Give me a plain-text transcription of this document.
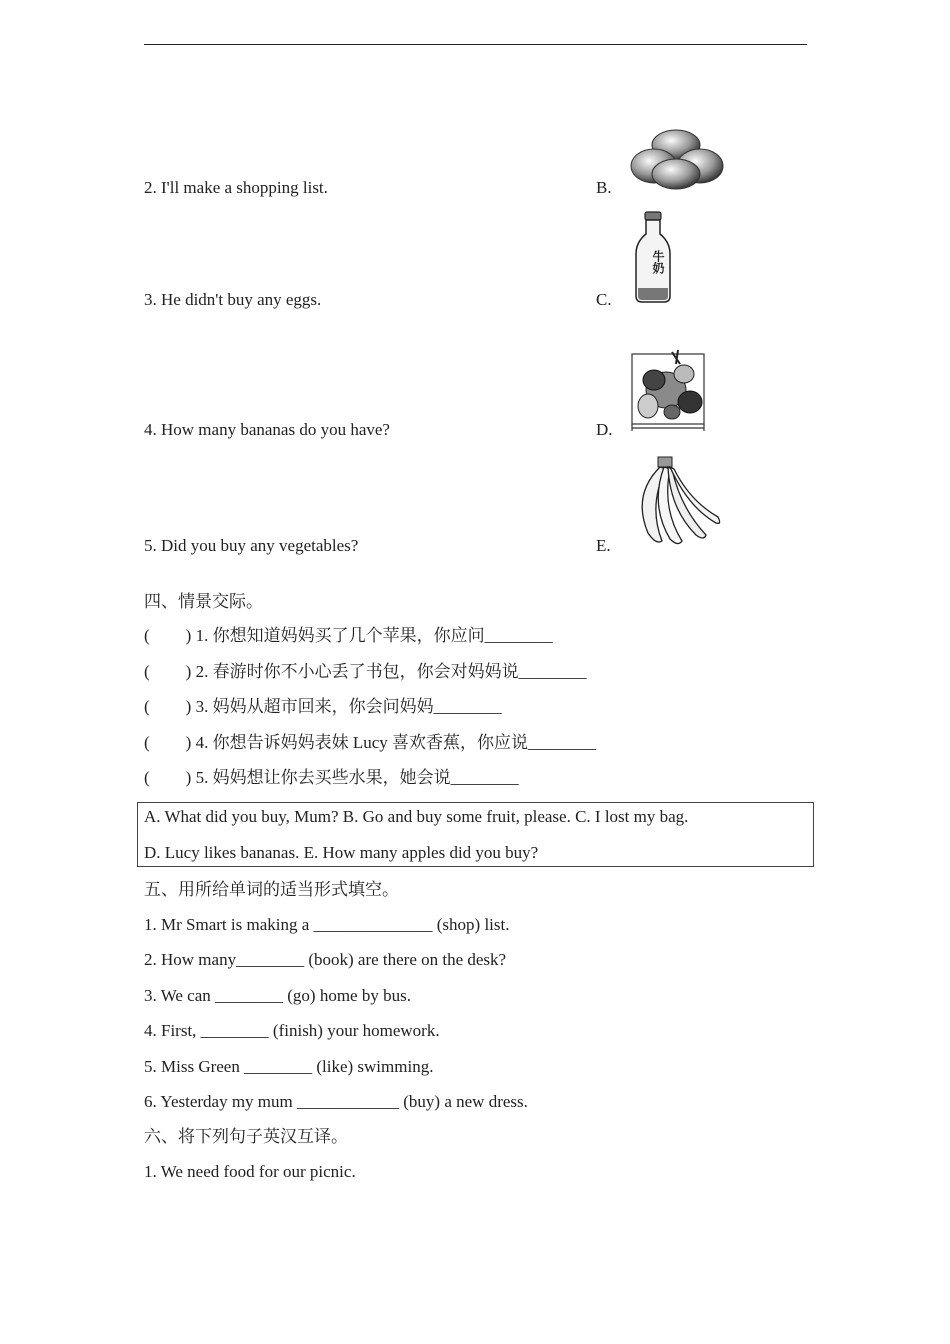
2. I'll make a shopping list.	B.
3. He didn't buy any eggs.	C.
牛奶
4. How many bananas do you have?	D.
5. Did you buy any vegetables?	E.
四、情景交际。
( ) 1. 你想知道妈妈买了几个苹果，你应问________
( ) 2. 春游时你不小心丢了书包，你会对妈妈说________
( ) 3. 妈妈从超市回来，你会问妈妈________
( ) 4. 你想告诉妈妈表妹 Lucy 喜欢香蕉，你应说________
( ) 5. 妈妈想让你去买些水果，她会说________
A. What did you buy, Mum? B. Go and buy some fruit, please. C. I lost my bag.
D. Lucy likes bananas. E. How many apples did you buy?
五、用所给单词的适当形式填空。
1. Mr Smart is making a ______________ (shop) list.
2. How many________ (book) are there on the desk?
3. We can ________ (go) home by bus.
4. First, ________ (finish) your homework.
5. Miss Green ________ (like) swimming.
6. Yesterday my mum ____________ (buy) a new dress.
六、将下列句子英汉互译。
1. We need food for our picnic.
